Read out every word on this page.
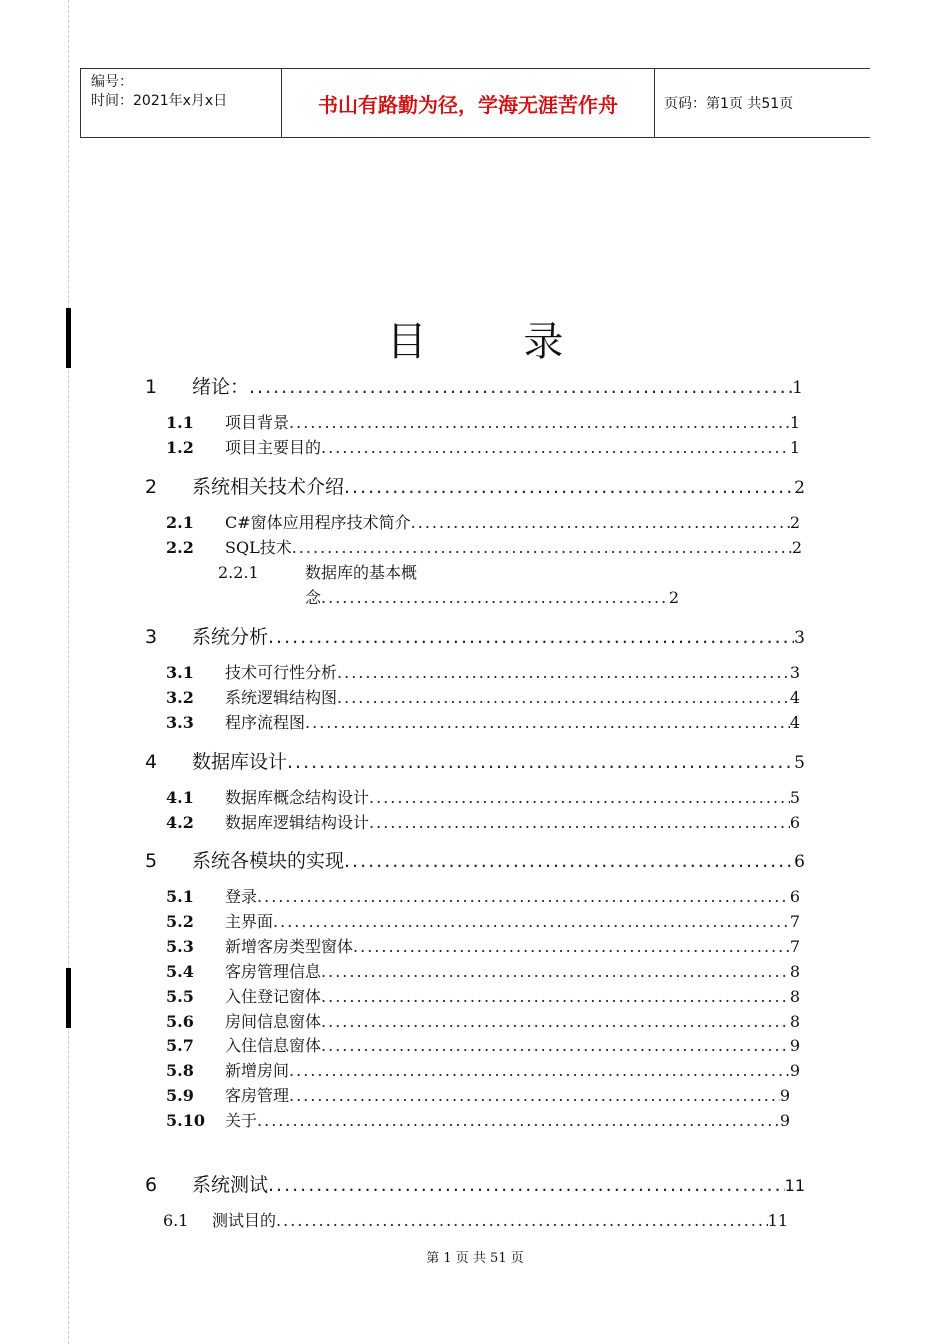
编号：
时间：2021年x月x日	书山有路勤为径，学海无涯苦作舟	页码：第1页 共51页
目 录
1	绪论： .....	1
1.1	项目背景 .....	1
1.2	项目主要目的 .....	1
2	系统相关技术介绍 .....	2
2.1	C#窗体应用程序技术简介 .....	2
2.2	SQL技术 .....	2
2.2.1	数据库的基本概
念 .....	2
3	系统分析 .....	3
3.1	技术可行性分析 .....	3
3.2	系统逻辑结构图 .....	4
3.3	程序流程图 .....	4
4	数据库设计 .....	5
4.1	数据库概念结构设计 .....	5
4.2	数据库逻辑结构设计 .....	6
5	系统各模块的实现 .....	6
5.1	登录 .....	6
5.2	主界面 .....	7
5.3	新增客房类型窗体 .....	7
5.4	客房管理信息 .....	8
5.5	入住登记窗体 .....	8
5.6	房间信息窗体 .....	8
5.7	入住信息窗体 .....	9
5.8	新增房间 .....	9
5.9	客房管理 .....	9
5.10	关于 .....	9
6	系统测试 .....	11
6.1	测试目的 .....	11
第 1 页 共 51 页
